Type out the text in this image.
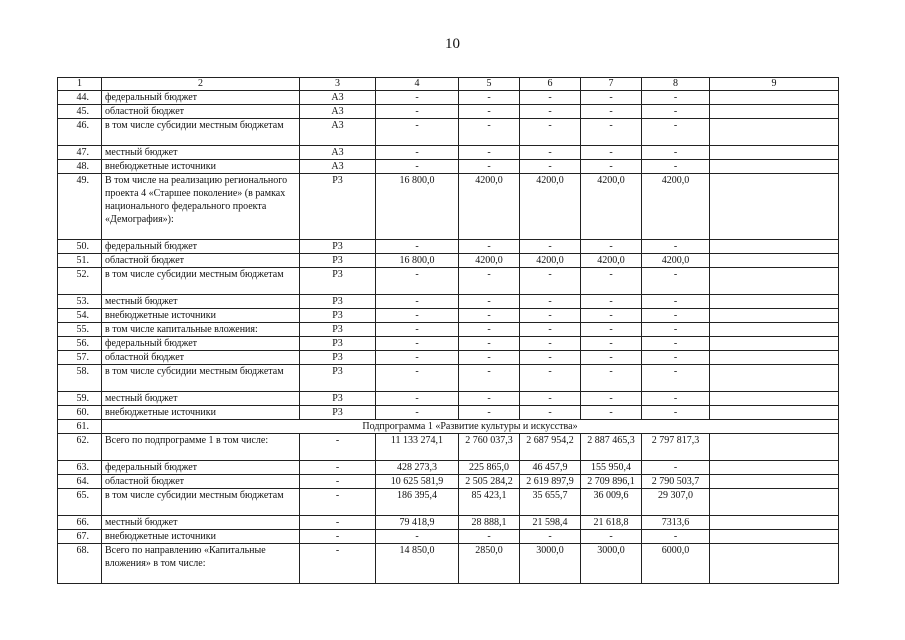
10
1	2	3	4	5	6	7	8	9
44.	федеральный бюджет	А3	-	-	-	-	-	
45.	областной бюджет	А3	-	-	-	-	-	
46.	в том числе субсидии местным бюджетам	А3	-	-	-	-	-	
47.	местный бюджет	А3	-	-	-	-	-	
48.	внебюджетные источники	А3	-	-	-	-	-	
49.	В том числе на реализацию регионального проекта 4 «Старшее поколение» (в рамках национального федерального проекта «Демография»):	Р3	16 800,0	4200,0	4200,0	4200,0	4200,0	
50.	федеральный бюджет	Р3	-	-	-	-	-	
51.	областной бюджет	Р3	16 800,0	4200,0	4200,0	4200,0	4200,0	
52.	в том числе субсидии местным бюджетам	Р3	-	-	-	-	-	
53.	местный бюджет	Р3	-	-	-	-	-	
54.	внебюджетные источники	Р3	-	-	-	-	-	
55.	в том числе капитальные вложения:	Р3	-	-	-	-	-	
56.	федеральный бюджет	Р3	-	-	-	-	-	
57.	областной бюджет	Р3	-	-	-	-	-	
58.	в том числе субсидии местным бюджетам	Р3	-	-	-	-	-	
59.	местный бюджет	Р3	-	-	-	-	-	
60.	внебюджетные источники	Р3	-	-	-	-	-	
61.	Подпрограмма 1 «Развитие культуры и искусства»							
62.	Всего по подпрограмме 1 в том числе:	-	11 133 274,1	2 760 037,3	2 687 954,2	2 887 465,3	2 797 817,3	
63.	федеральный бюджет	-	428 273,3	225 865,0	46 457,9	155 950,4	-	
64.	областной бюджет	-	10 625 581,9	2 505 284,2	2 619 897,9	2 709 896,1	2 790 503,7	
65.	в том числе субсидии местным бюджетам	-	186 395,4	85 423,1	35 655,7	36 009,6	29 307,0	
66.	местный бюджет	-	79 418,9	28 888,1	21 598,4	21 618,8	7313,6	
67.	внебюджетные источники	-	-	-	-	-	-	
68.	Всего по направлению «Капитальные вложения» в том числе:	-	14 850,0	2850,0	3000,0	3000,0	6000,0	
